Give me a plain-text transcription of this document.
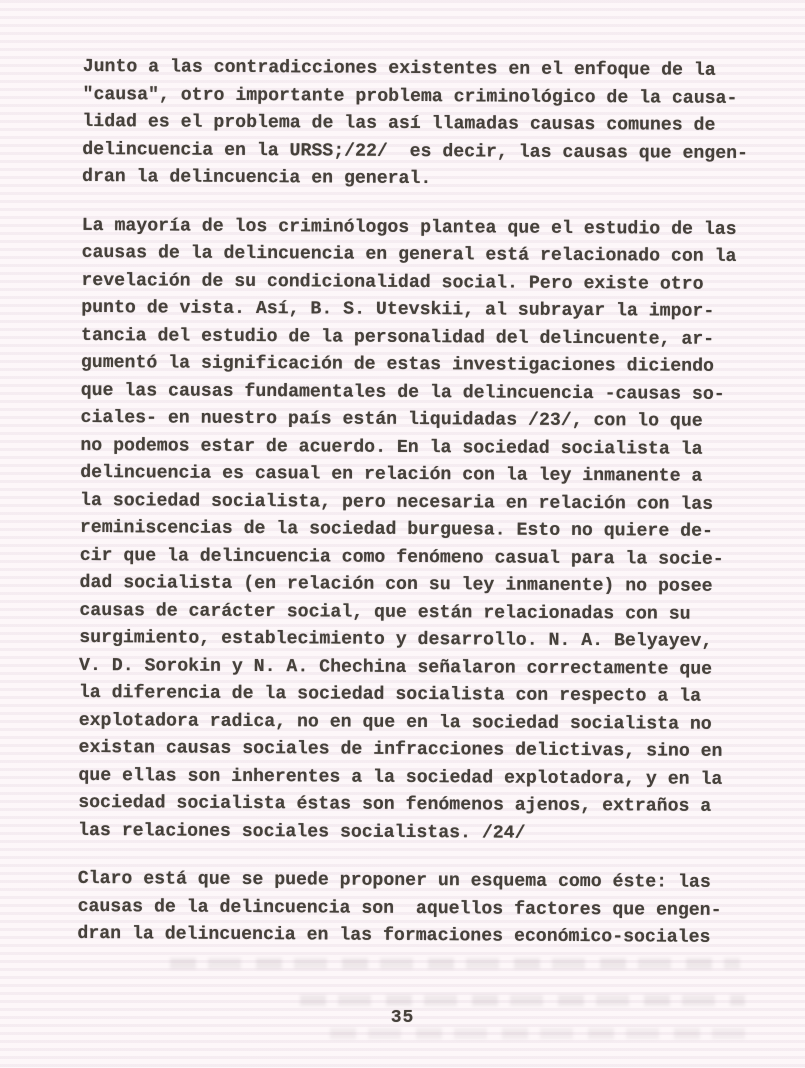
Junto a las contradicciones existentes en el enfoque de la
"causa", otro importante problema criminológico de la causa-
lidad es el problema de las así llamadas causas comunes de
delincuencia en la URSS;/22/  es decir, las causas que engen-
dran la delincuencia en general.
La mayoría de los criminólogos plantea que el estudio de las
causas de la delincuencia en general está relacionado con la
revelación de su condicionalidad social. Pero existe otro
punto de vista. Así, B. S. Utevskii, al subrayar la impor-
tancia del estudio de la personalidad del delincuente, ar-
gumentó la significación de estas investigaciones diciendo
que las causas fundamentales de la delincuencia -causas so-
ciales- en nuestro país están liquidadas /23/, con lo que
no podemos estar de acuerdo. En la sociedad socialista la
delincuencia es casual en relación con la ley inmanente a
la sociedad socialista, pero necesaria en relación con las
reminiscencias de la sociedad burguesa. Esto no quiere de-
cir que la delincuencia como fenómeno casual para la socie-
dad socialista (en relación con su ley inmanente) no posee
causas de carácter social, que están relacionadas con su
surgimiento, establecimiento y desarrollo. N. A. Belyayev,
V. D. Sorokin y N. A. Chechina señalaron correctamente que
la diferencia de la sociedad socialista con respecto a la
explotadora radica, no en que en la sociedad socialista no
existan causas sociales de infracciones delictivas, sino en
que ellas son inherentes a la sociedad explotadora, y en la
sociedad socialista éstas son fenómenos ajenos, extraños a
las relaciones sociales socialistas. /24/
Claro está que se puede proponer un esquema como éste: las
causas de la delincuencia son  aquellos factores que engen-
dran la delincuencia en las formaciones económico-sociales
35
